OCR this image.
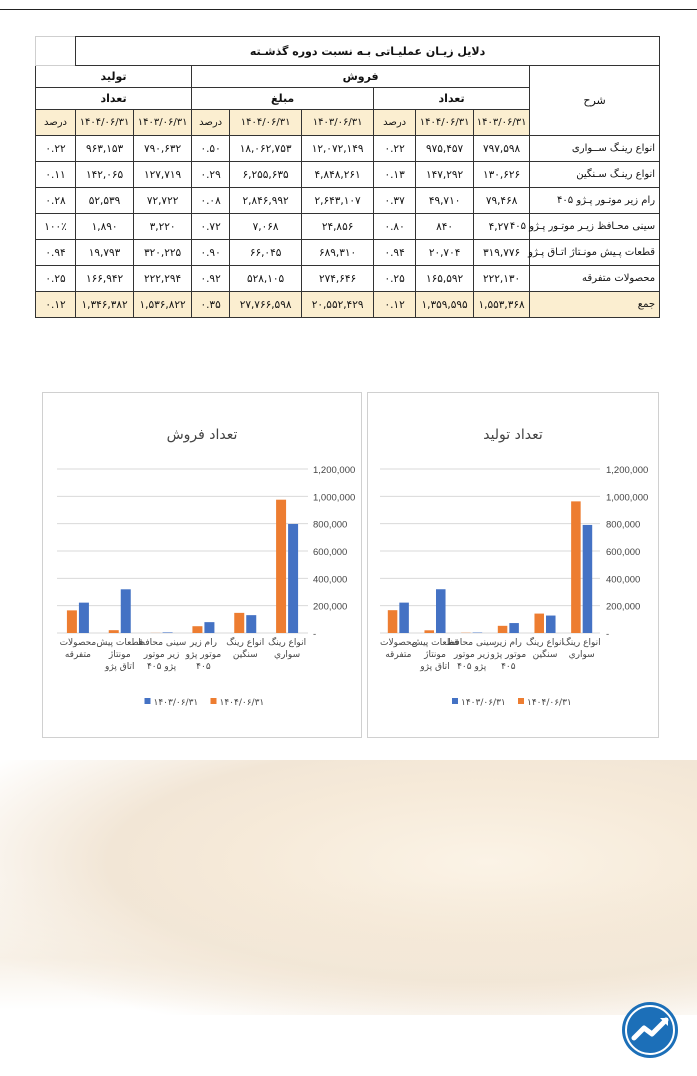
دلایل زیـان عملیـاتی بـه نسبت دوره گذشـته									
شرح	فروش						تولید		
	تعداد			مبلغ			تعداد		
	۱۴۰۳/۰۶/۳۱	۱۴۰۴/۰۶/۳۱	درصد	۱۴۰۳/۰۶/۳۱	۱۴۰۴/۰۶/۳۱	درصد	۱۴۰۳/۰۶/۳۱	۱۴۰۴/۰۶/۳۱	درصد
انواع رینـگ ســواری	۷۹۷,۵۹۸	۹۷۵,۴۵۷	۰.۲۲	۱۲,۰۷۲,۱۴۹	۱۸,۰۶۲,۷۵۳	۰.۵۰	۷۹۰,۶۳۲	۹۶۳,۱۵۳	۰.۲۲
انواع رینـگ سـنگین	۱۳۰,۶۲۶	۱۴۷,۲۹۲	۰.۱۳	۴,۸۴۸,۲۶۱	۶,۲۵۵,۶۳۵	۰.۲۹	۱۲۷,۷۱۹	۱۴۲,۰۶۵	۰.۱۱
رام زیر موتـور پـژو ۴۰۵	۷۹,۴۶۸	۴۹,۷۱۰	۰.۳۷	۲,۶۴۳,۱۰۷	۲,۸۴۶,۹۹۲	۰.۰۸	۷۲,۷۲۲	۵۲,۵۳۹	۰.۲۸
سینی محـافظ زیـر موتـور پـژو ۴۰۵	۴,۲۷۰	۸۴۰	۰.۸۰	۲۴,۸۵۶	۷,۰۶۸	۰.۷۲	۳,۲۲۰	۱,۸۹۰	۱۰۰٪
قطعات پـیش مونـتاژ اتـاق پـژو	۳۱۹,۷۷۶	۲۰,۷۰۴	۰.۹۴	۶۸۹,۳۱۰	۶۶,۰۴۵	۰.۹۰	۳۲۰,۲۲۵	۱۹,۷۹۳	۰.۹۴
محصولات متفرقه	۲۲۲,۱۳۰	۱۶۵,۵۹۲	۰.۲۵	۲۷۴,۶۴۶	۵۲۸,۱۰۵	۰.۹۲	۲۲۲,۲۹۴	۱۶۶,۹۴۲	۰.۲۵
جمع	۱,۵۵۳,۳۶۸	۱,۳۵۹,۵۹۵	۰.۱۲	۲۰,۵۵۲,۴۲۹	۲۷,۷۶۶,۵۹۸	۰.۳۵	۱,۵۳۶,۸۲۲	۱,۳۴۶,۳۸۲	۰.۱۲
تعداد فروش
-
200,000
400,000
600,000
800,000
1,000,000
1,200,000
انواع رینگ سواري
انواع رینگ سنگین
رام زیر موتور پژو ۴۰۵
سینی محافظ زیر موتور پژو ۴۰۵
قطعات پیش مونتاژ اتاق پژو
محصولات متفرقه
۱۴۰۳/۰۶/۳۱ ۱۴۰۴/۰۶/۳۱
تعداد تولید
-
200,000
400,000
600,000
800,000
1,000,000
1,200,000
انواع رینگ سواري
انواع رینگ سنگین
رام زیر موتور پژو ۴۰۵
سینی محافظ زیر موتور پژو ۴۰۵
قطعات پیش مونتاژ اتاق پژو
محصولات متفرقه
۱۴۰۳/۰۶/۳۱ ۱۴۰۴/۰۶/۳۱
